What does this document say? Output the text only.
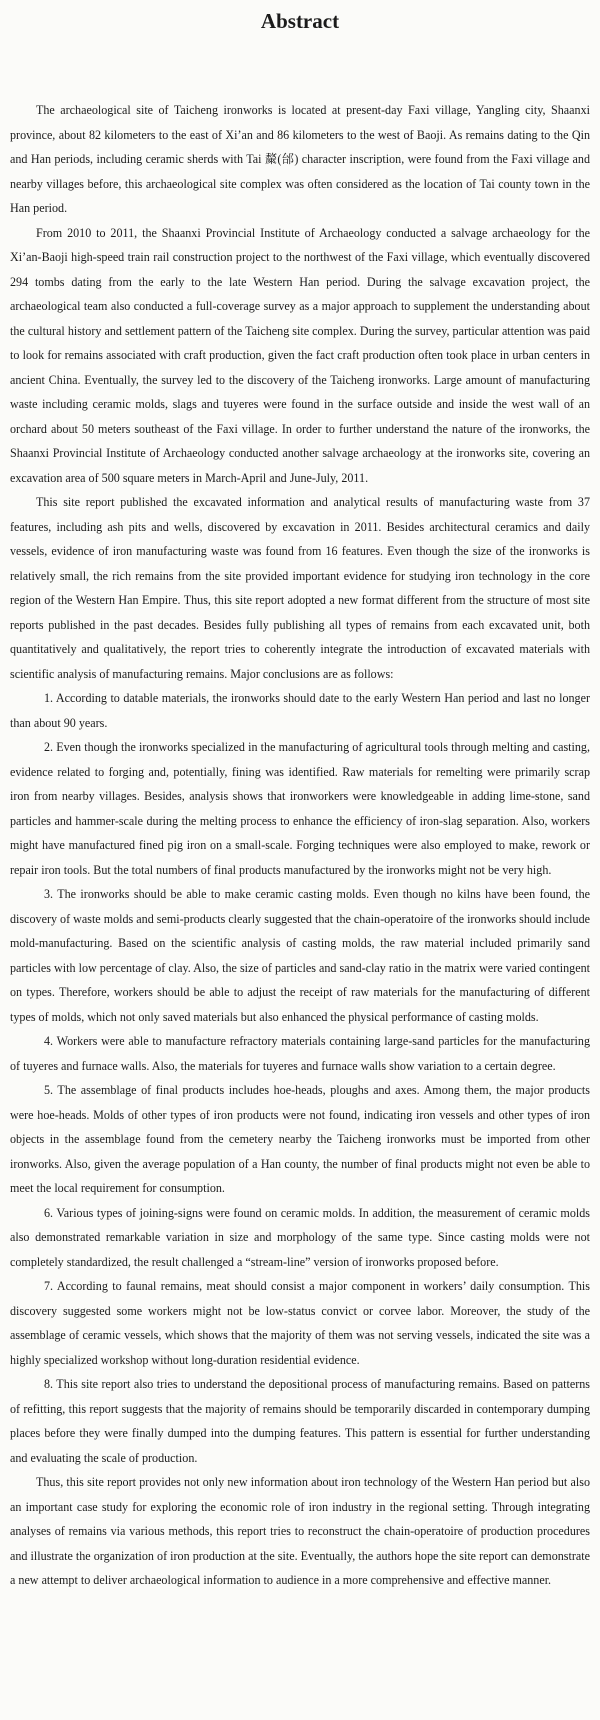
Abstract

The archaeological site of Taicheng ironworks is located at present-day Faxi village, Yangling city, Shaanxi province, about 82 kilometers to the east of Xi’an and 86 kilometers to the west of Baoji. As remains dating to the Qin and Han periods, including ceramic sherds with Tai 斄(邰) character inscription, were found from the Faxi village and nearby villages before, this archaeological site complex was often considered as the location of Tai county town in the Han period.

From 2010 to 2011, the Shaanxi Provincial Institute of Archaeology conducted a salvage archaeology for the Xi’an-Baoji high-speed train rail construction project to the northwest of the Faxi village, which eventually discovered 294 tombs dating from the early to the late Western Han period. During the salvage excavation project, the archaeological team also conducted a full-coverage survey as a major approach to supplement the understanding about the cultural history and settlement pattern of the Taicheng site complex. During the survey, particular attention was paid to look for remains associated with craft production, given the fact craft production often took place in urban centers in ancient China. Eventually, the survey led to the discovery of the Taicheng ironworks. Large amount of manufacturing waste including ceramic molds, slags and tuyeres were found in the surface outside and inside the west wall of an orchard about 50 meters southeast of the Faxi village. In order to further understand the nature of the ironworks, the Shaanxi Provincial Institute of Archaeology conducted another salvage archaeology at the ironworks site, covering an excavation area of 500 square meters in March-April and June-July, 2011.

This site report published the excavated information and analytical results of manufacturing waste from 37 features, including ash pits and wells, discovered by excavation in 2011. Besides architectural ceramics and daily vessels, evidence of iron manufacturing waste was found from 16 features. Even though the size of the ironworks is relatively small, the rich remains from the site provided important evidence for studying iron technology in the core region of the Western Han Empire. Thus, this site report adopted a new format different from the structure of most site reports published in the past decades. Besides fully publishing all types of remains from each excavated unit, both quantitatively and qualitatively, the report tries to coherently integrate the introduction of excavated materials with scientific analysis of manufacturing remains. Major conclusions are as follows:

1. According to datable materials, the ironworks should date to the early Western Han period and last no longer than about 90 years.

2. Even though the ironworks specialized in the manufacturing of agricultural tools through melting and casting, evidence related to forging and, potentially, fining was identified. Raw materials for remelting were primarily scrap iron from nearby villages. Besides, analysis shows that ironworkers were knowledgeable in adding lime-stone, sand particles and hammer-scale during the melting process to enhance the efficiency of iron-slag separation. Also, workers might have manufactured fined pig iron on a small-scale. Forging techniques were also employed to make, rework or repair iron tools. But the total numbers of final products manufactured by the ironworks might not be very high.

3. The ironworks should be able to make ceramic casting molds. Even though no kilns have been found, the discovery of waste molds and semi-products clearly suggested that the chain-operatoire of the ironworks should include mold-manufacturing. Based on the scientific analysis of casting molds, the raw material included primarily sand particles with low percentage of clay. Also, the size of particles and sand-clay ratio in the matrix were varied contingent on types. Therefore, workers should be able to adjust the receipt of raw materials for the manufacturing of different types of molds, which not only saved materials but also enhanced the physical performance of casting molds.

4. Workers were able to manufacture refractory materials containing large-sand particles for the manufacturing of tuyeres and furnace walls. Also, the materials for tuyeres and furnace walls show variation to a certain degree.

5. The assemblage of final products includes hoe-heads, ploughs and axes. Among them, the major products were hoe-heads. Molds of other types of iron products were not found, indicating iron vessels and other types of iron objects in the assemblage found from the cemetery nearby the Taicheng ironworks must be imported from other ironworks. Also, given the average population of a Han county, the number of final products might not even be able to meet the local requirement for consumption.

6. Various types of joining-signs were found on ceramic molds. In addition, the measurement of ceramic molds also demonstrated remarkable variation in size and morphology of the same type. Since casting molds were not completely standardized, the result challenged a “stream-line” version of ironworks proposed before.

7. According to faunal remains, meat should consist a major component in workers’ daily consumption. This discovery suggested some workers might not be low-status convict or corvee labor. Moreover, the study of the assemblage of ceramic vessels, which shows that the majority of them was not serving vessels, indicated the site was a highly specialized workshop without long-duration residential evidence.

8. This site report also tries to understand the depositional process of manufacturing remains. Based on patterns of refitting, this report suggests that the majority of remains should be temporarily discarded in contemporary dumping places before they were finally dumped into the dumping features. This pattern is essential for further understanding and evaluating the scale of production.

Thus, this site report provides not only new information about iron technology of the Western Han period but also an important case study for exploring the economic role of iron industry in the regional setting. Through integrating analyses of remains via various methods, this report tries to reconstruct the chain-operatoire of production procedures and illustrate the organization of iron production at the site. Eventually, the authors hope the site report can demonstrate a new attempt to deliver archaeological information to audience in a more comprehensive and effective manner.
